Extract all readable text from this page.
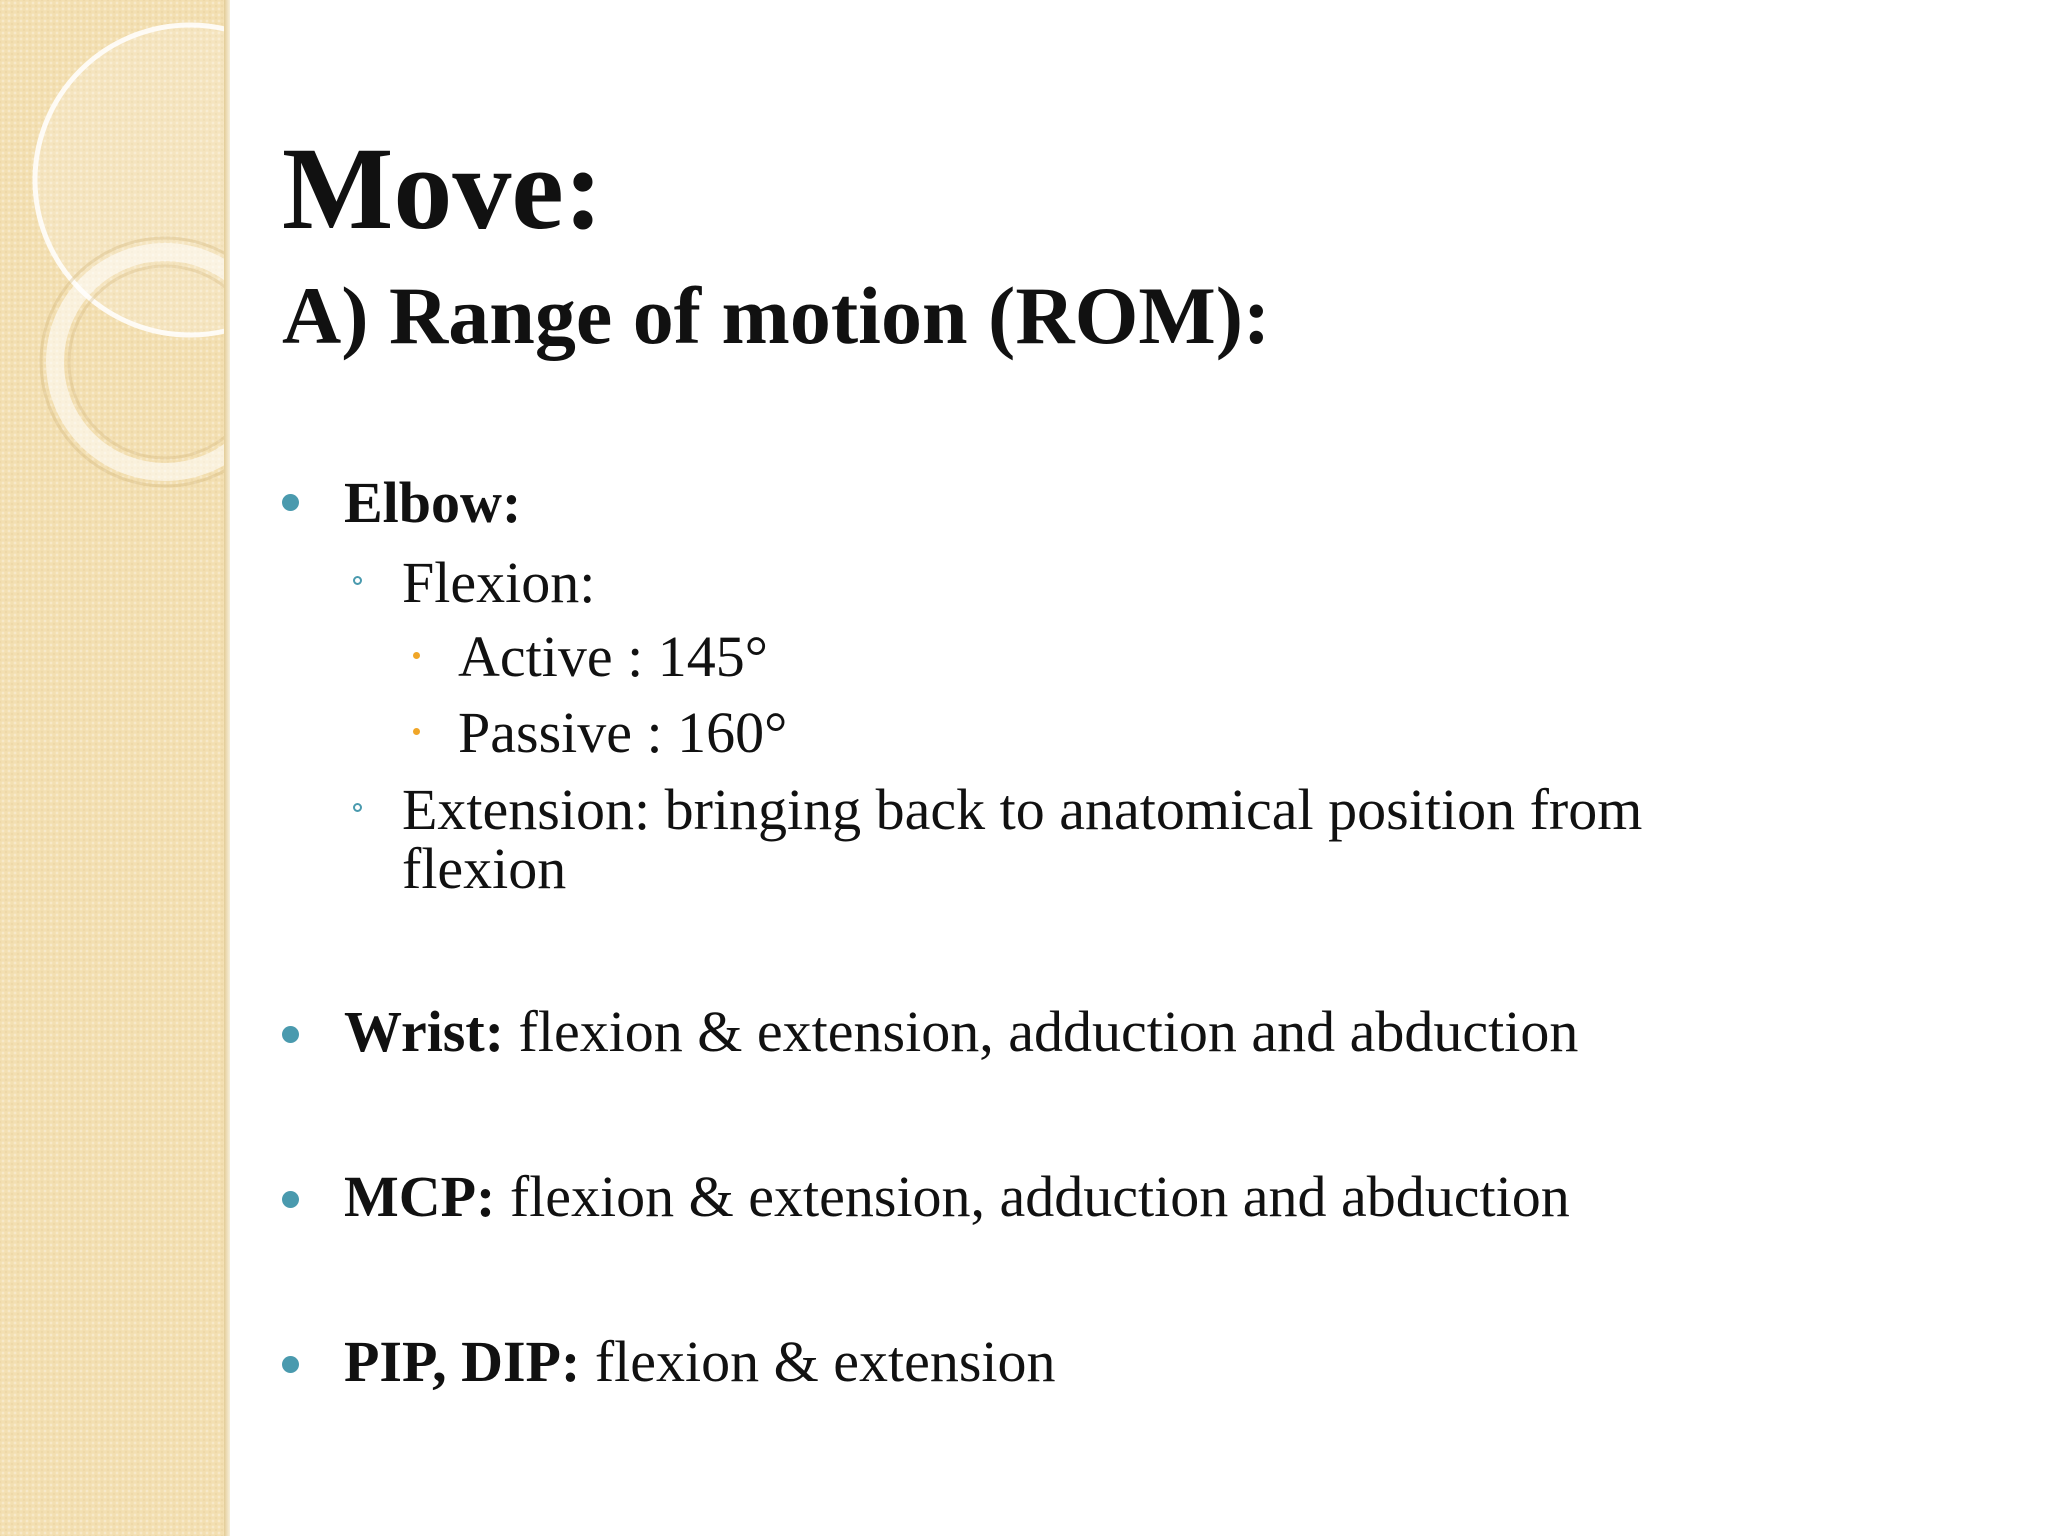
Move:
A) Range of motion (ROM):
Elbow:
Flexion:
Active : 145°
Passive : 160°
Extension: bringing back to anatomical position from
flexion
Wrist: flexion & extension, adduction and abduction
MCP: flexion & extension, adduction and abduction
PIP, DIP: flexion & extension
